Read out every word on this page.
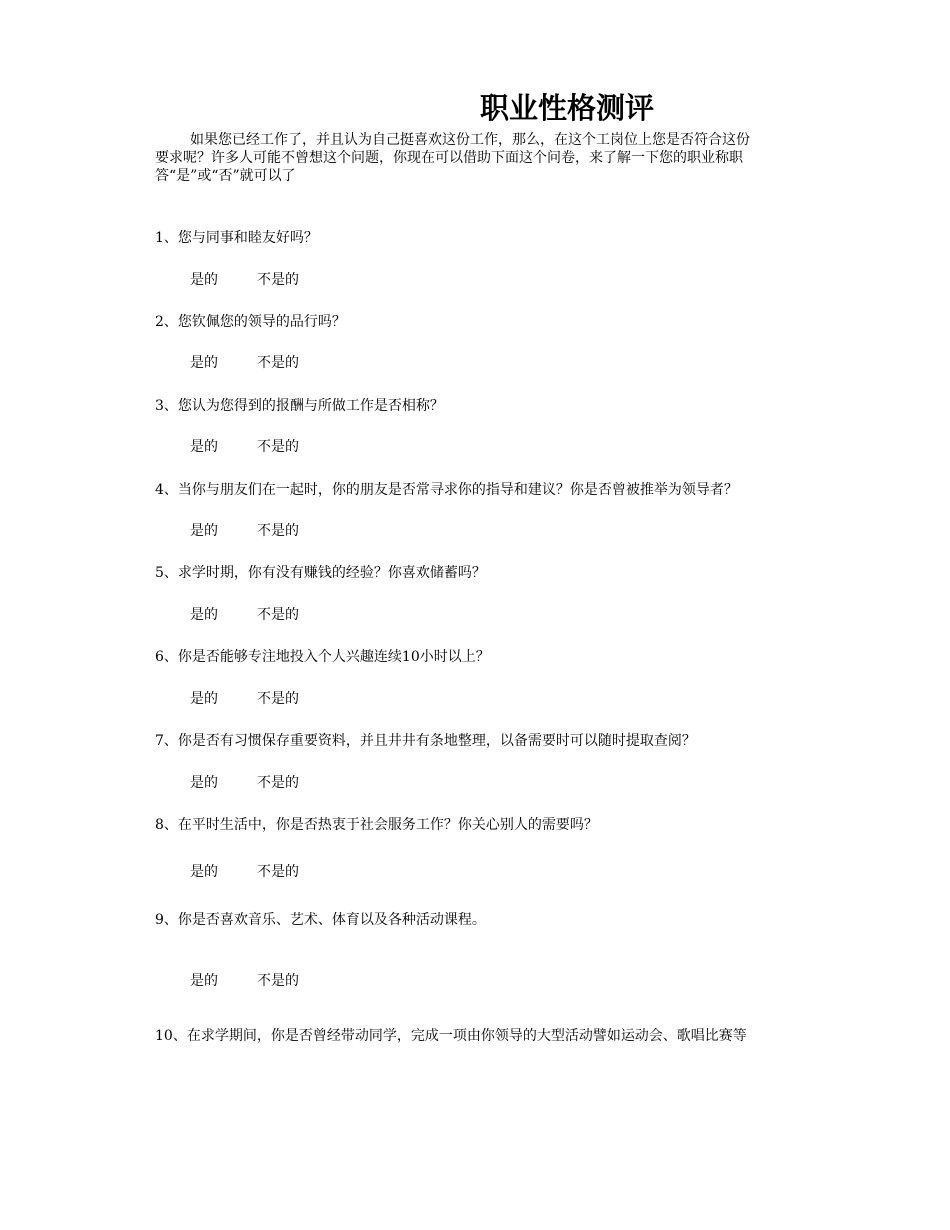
职业性格测评

如果您已经工作了，并且认为自己挺喜欢这份工作，那么，在这个工岗位上您是否符合这份

要求呢？许多人可能不曾想这个问题，你现在可以借助下面这个问卷，来了解一下您的职业称职

答“是”或“否”就可以了

1、您与同事和睦友好吗？

是的	不是的

2、您钦佩您的领导的品行吗？

是的	不是的

3、您认为您得到的报酬与所做工作是否相称？

是的	不是的

4、当你与朋友们在一起时，你的朋友是否常寻求你的指导和建议？你是否曾被推举为领导者？

是的	不是的

5、求学时期，你有没有赚钱的经验？你喜欢储蓄吗？

是的	不是的

6、你是否能够专注地投入个人兴趣连续10小时以上？

是的	不是的

7、你是否有习惯保存重要资料，并且井井有条地整理，以备需要时可以随时提取查阅？

是的	不是的

8、在平时生活中，你是否热衷于社会服务工作？你关心别人的需要吗？

是的	不是的

9、你是否喜欢音乐、艺术、体育以及各种活动课程。

是的	不是的

10、在求学期间，你是否曾经带动同学，完成一项由你领导的大型活动譬如运动会、歌唱比赛等
